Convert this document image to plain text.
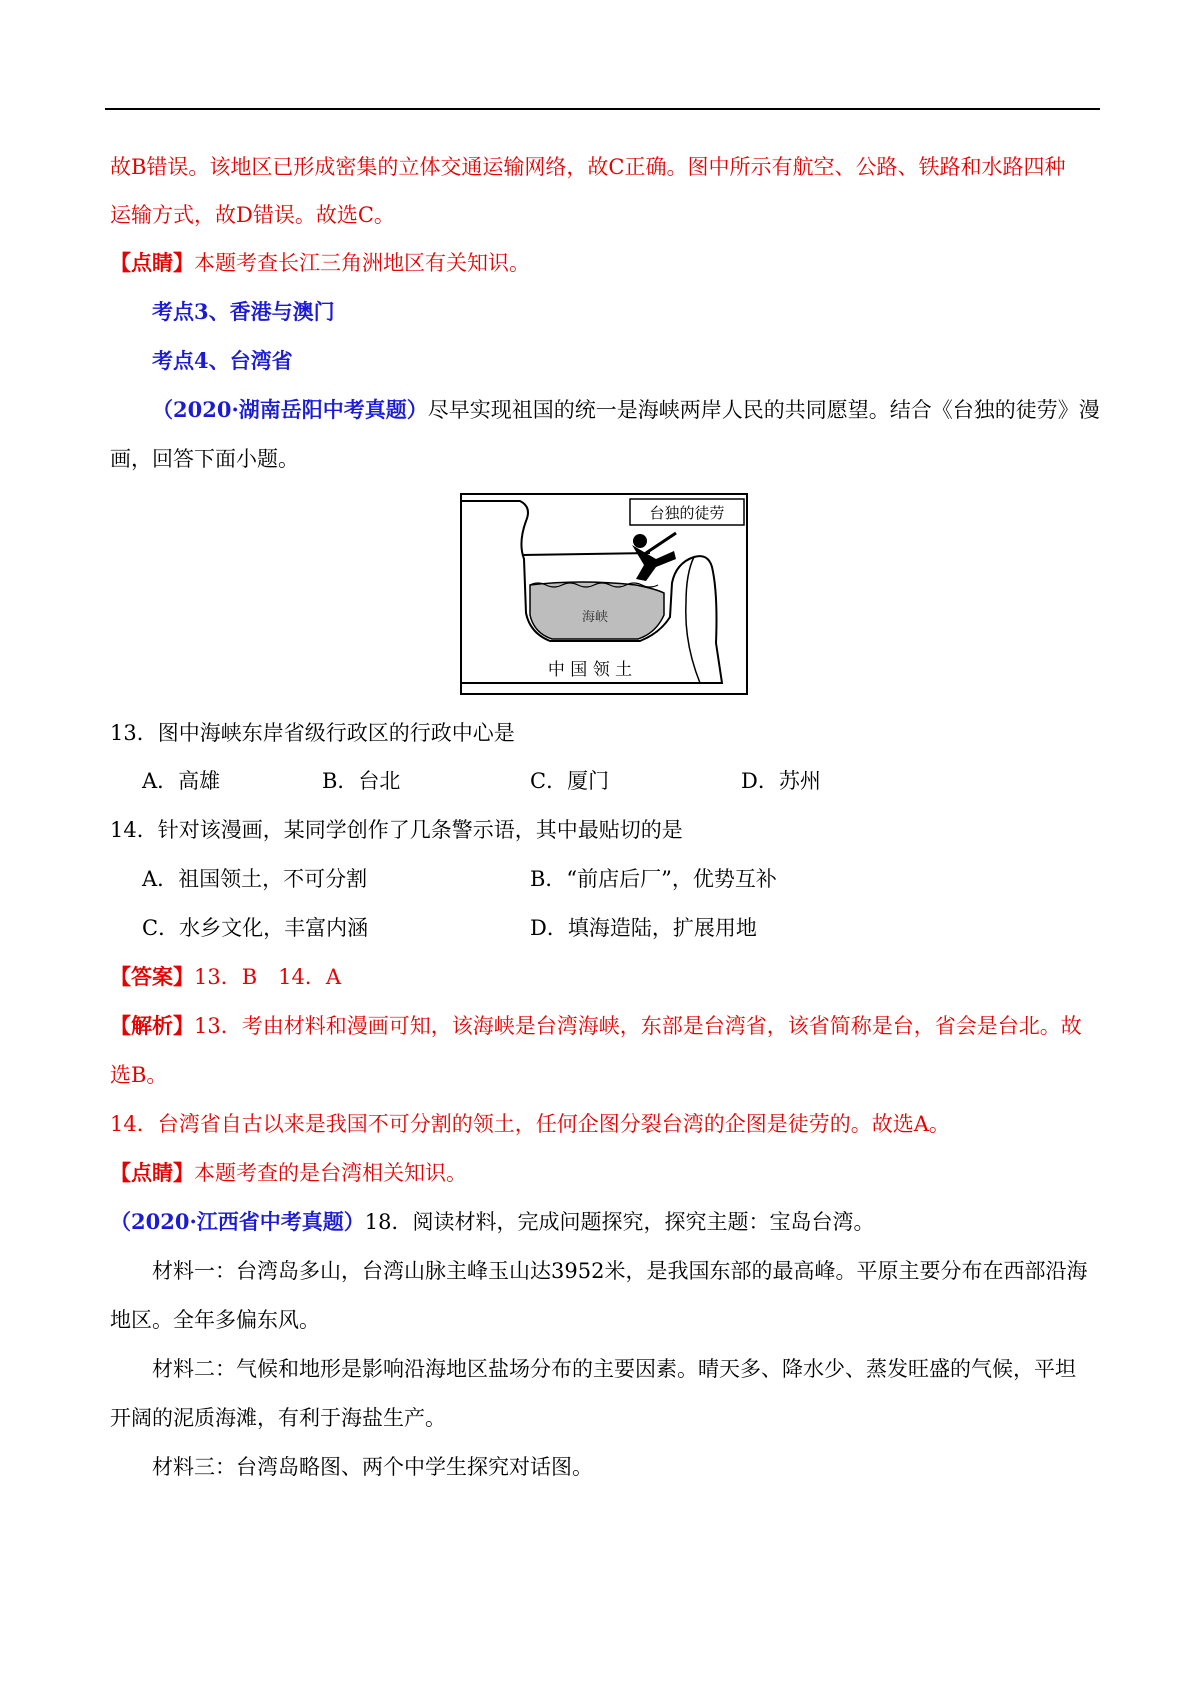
故B错误。该地区已形成密集的立体交通运输网络，故C正确。图中所示有航空、公路、铁路和水路四种
运输方式，故D错误。故选C。
【点睛】本题考查长江三角洲地区有关知识。
考点3、香港与澳门
考点4、台湾省
（2020·湖南岳阳中考真题）尽早实现祖国的统一是海峡两岸人民的共同愿望。结合《台独的徒劳》漫
画，回答下面小题。
台独的徒劳
海峡
中 国 领 土
13．图中海峡东岸省级行政区的行政中心是
A．高雄	B．台北	C．厦门	D．苏州
14．针对该漫画，某同学创作了几条警示语，其中最贴切的是
A．祖国领土，不可分割	B．“前店后厂”，优势互补
C．水乡文化，丰富内涵	D．填海造陆，扩展用地
【答案】13．B　14．A
【解析】13．考由材料和漫画可知，该海峡是台湾海峡，东部是台湾省，该省简称是台，省会是台北。故
选B。
14．台湾省自古以来是我国不可分割的领土，任何企图分裂台湾的企图是徒劳的。故选A。
【点睛】本题考查的是台湾相关知识。
（2020·江西省中考真题）18．阅读材料，完成问题探究，探究主题：宝岛台湾。
材料一：台湾岛多山，台湾山脉主峰玉山达3952米，是我国东部的最高峰。平原主要分布在西部沿海
地区。全年多偏东风。
材料二：气候和地形是影响沿海地区盐场分布的主要因素。晴天多、降水少、蒸发旺盛的气候，平坦
开阔的泥质海滩，有利于海盐生产。
材料三：台湾岛略图、两个中学生探究对话图。
